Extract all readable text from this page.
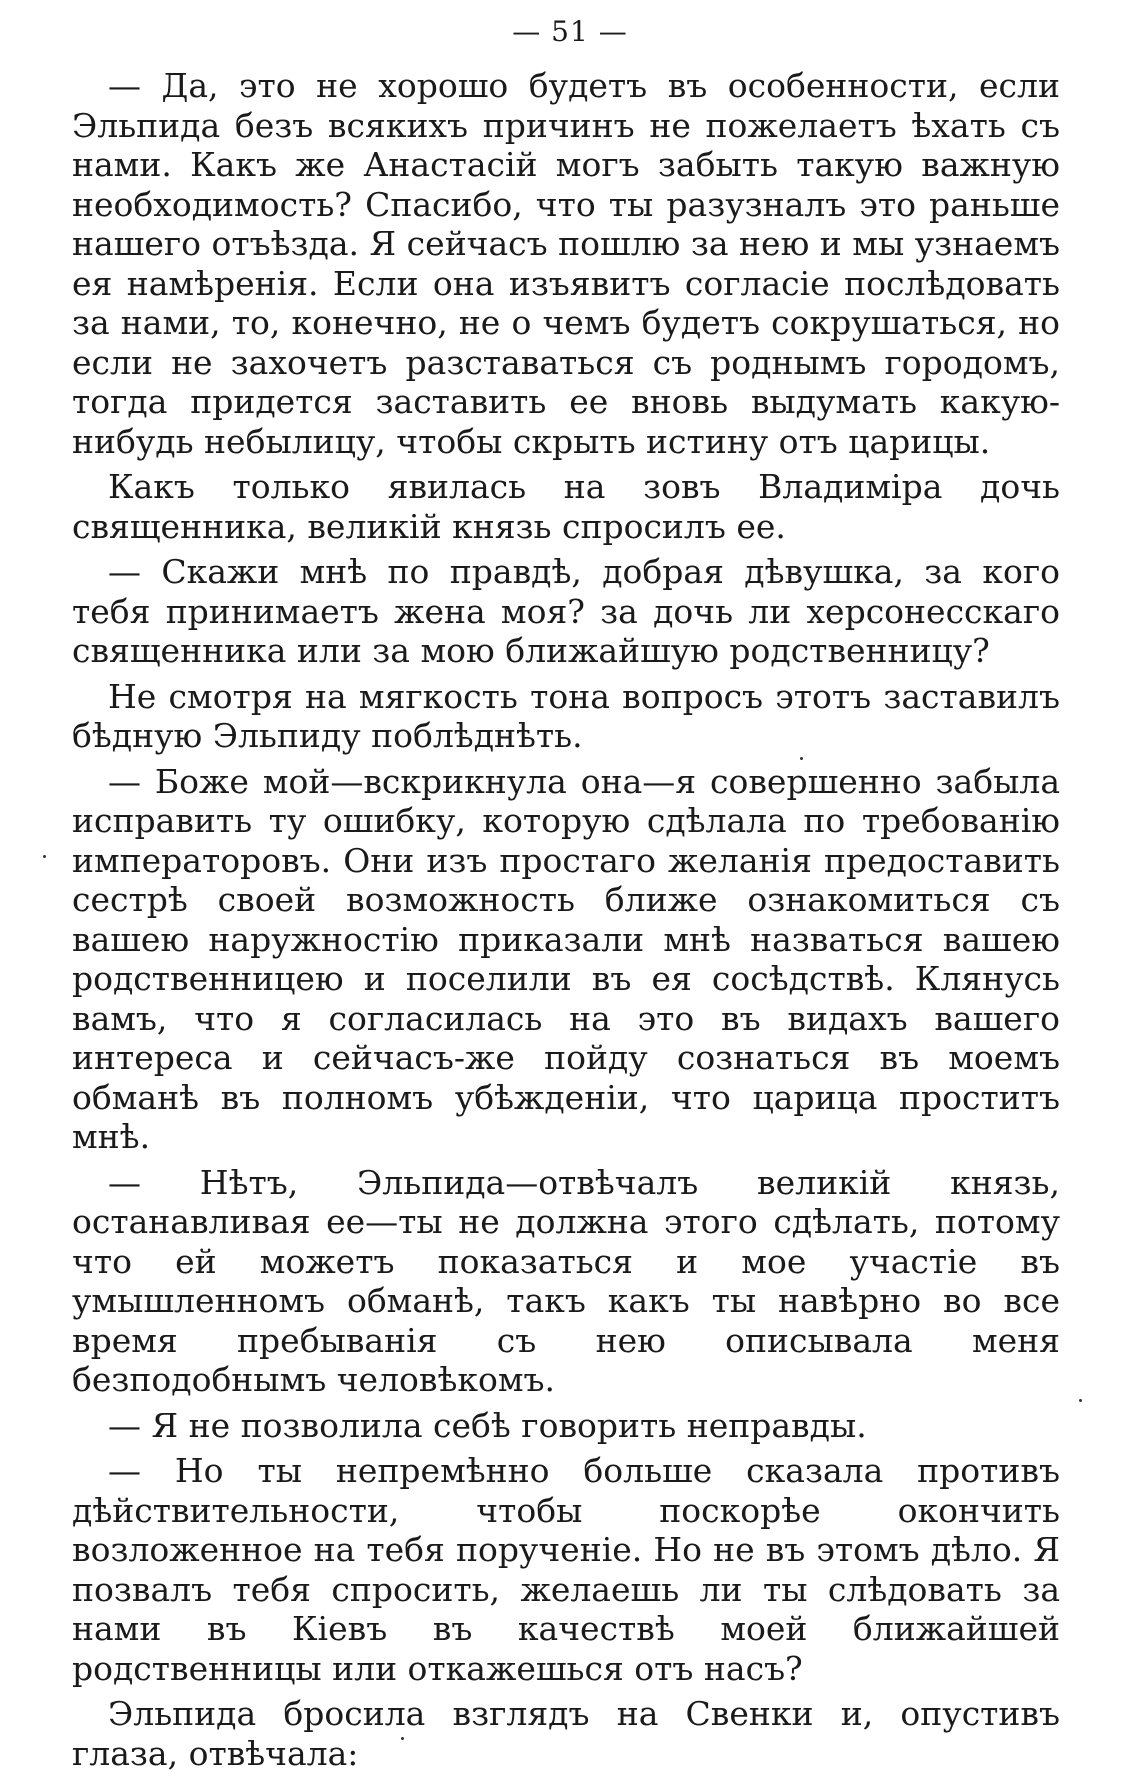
— 51 —

— Да, это не хорошо будетъ въ особенности, если Эльпида безъ всякихъ причинъ не пожелаетъ ѣхать съ нами. Какъ же Анастасій могъ забыть такую важную необходимость? Спасибо, что ты разузналъ это раньше нашего отъѣзда. Я сейчасъ пошлю за нею и мы узнаемъ ея намѣренія. Если она изъявитъ согласіе послѣдовать за нами, то, конечно, не о чемъ будетъ сокрушаться, но если не захочетъ разставаться съ роднымъ городомъ, тогда придется заставить ее вновь выдумать какую-нибудь небылицу, чтобы скрыть истину отъ царицы.

Какъ только явилась на зовъ Владиміра дочь священника, великій князь спросилъ ее.

— Скажи мнѣ по правдѣ, добрая дѣвушка, за кого тебя принимаетъ жена моя? за дочь ли херсонесскаго священника или за мою ближайшую родственницу?

Не смотря на мягкость тона вопросъ этотъ заставилъ бѣдную Эльпиду поблѣднѣть.

— Боже мой—вскрикнула она—я совершенно забыла исправить ту ошибку, которую сдѣлала по требованію императоровъ. Они изъ простаго желанія предоставить сестрѣ своей возможность ближе ознакомиться съ вашею наружностію приказали мнѣ назваться вашею родственницею и поселили въ ея сосѣдствѣ. Клянусь вамъ, что я согласилась на это въ видахъ вашего интереса и сейчасъ-же пойду сознаться въ моемъ обманѣ въ полномъ убѣжденіи, что царица проститъ мнѣ.

— Нѣтъ, Эльпида—отвѣчалъ великій князь, останавливая ее—ты не должна этого сдѣлать, потому что ей можетъ показаться и мое участіе въ умышленномъ обманѣ, такъ какъ ты навѣрно во все время пребыванія съ нею описывала меня безподобнымъ человѣкомъ.

— Я не позволила себѣ говорить неправды.

— Но ты непремѣнно больше сказала противъ дѣйствительности, чтобы поскорѣе окончить возложенное на тебя порученіе. Но не въ этомъ дѣло. Я позвалъ тебя спросить, желаешь ли ты слѣдовать за нами въ Кіевъ въ качествѣ моей ближайшей родственницы или откажешься отъ насъ?

Эльпида бросила взглядъ на Свенки и, опустивъ глаза, отвѣчала:
